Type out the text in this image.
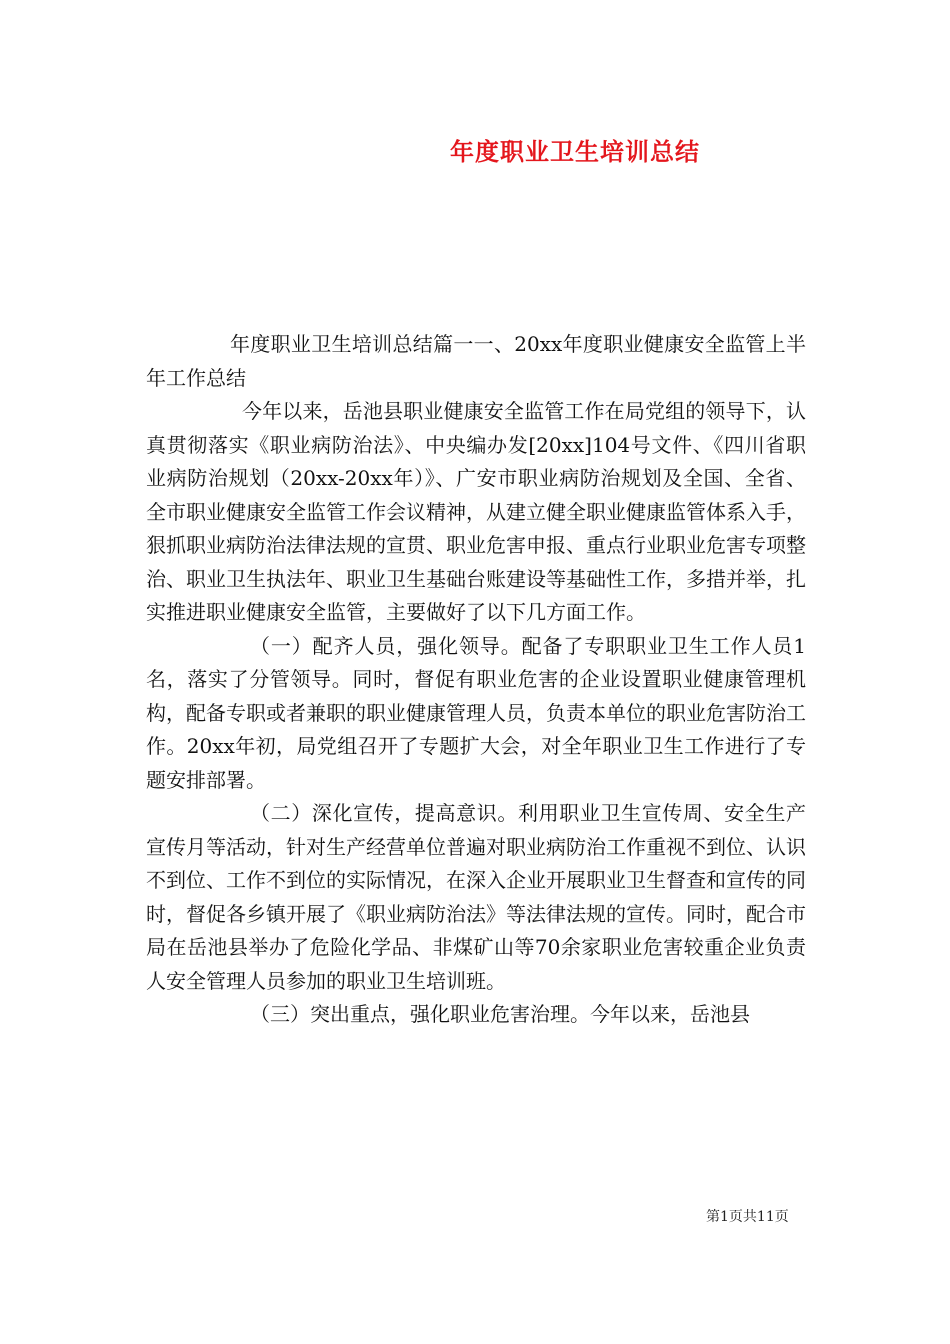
年度职业卫生培训总结

年度职业卫生培训总结篇一一、20xx年度职业健康安全监管上半年工作总结

今年以来，岳池县职业健康安全监管工作在局党组的领导下，认真贯彻落实《职业病防治法》、中央编办发[20xx]104号文件、《四川省职业病防治规划（20xx-20xx年）》、广安市职业病防治规划及全国、全省、全市职业健康安全监管工作会议精神，从建立健全职业健康监管体系入手，狠抓职业病防治法律法规的宣贯、职业危害申报、重点行业职业危害专项整治、职业卫生执法年、职业卫生基础台账建设等基础性工作，多措并举，扎实推进职业健康安全监管，主要做好了以下几方面工作。

（一）配齐人员，强化领导。配备了专职职业卫生工作人员1名，落实了分管领导。同时，督促有职业危害的企业设置职业健康管理机构，配备专职或者兼职的职业健康管理人员，负责本单位的职业危害防治工作。20xx年初，局党组召开了专题扩大会，对全年职业卫生工作进行了专题安排部署。

（二）深化宣传，提高意识。利用职业卫生宣传周、安全生产宣传月等活动，针对生产经营单位普遍对职业病防治工作重视不到位、认识不到位、工作不到位的实际情况，在深入企业开展职业卫生督查和宣传的同时，督促各乡镇开展了《职业病防治法》等法律法规的宣传。同时，配合市局在岳池县举办了危险化学品、非煤矿山等70余家职业危害较重企业负责人安全管理人员参加的职业卫生培训班。

（三）突出重点，强化职业危害治理。今年以来，岳池县

第1页共11页
